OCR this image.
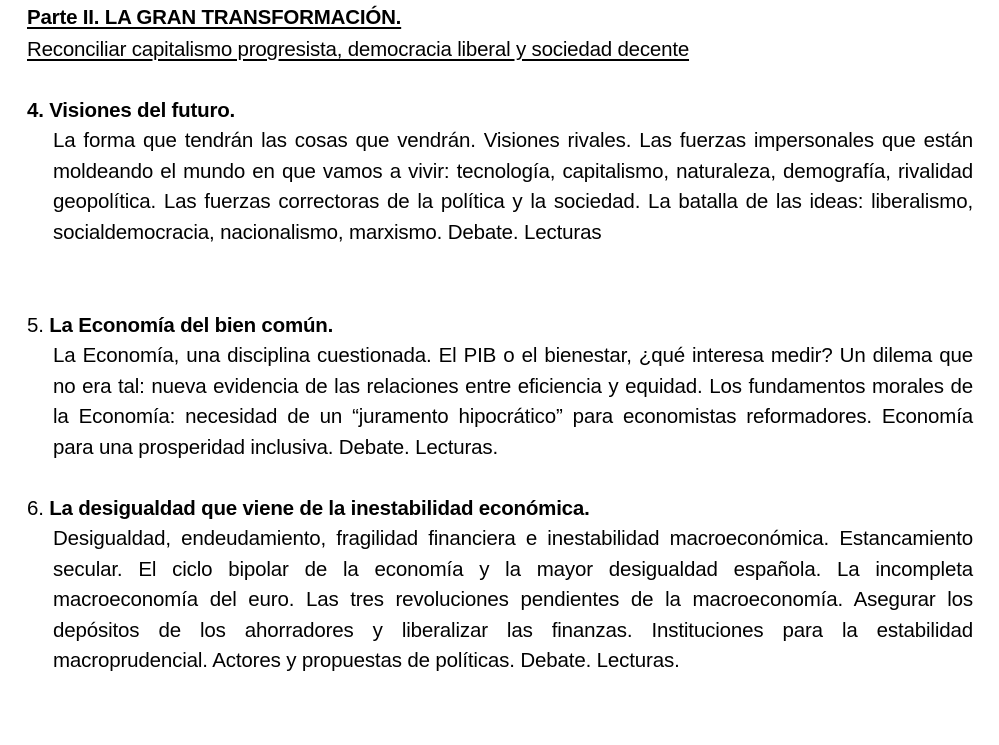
Parte II. LA GRAN TRANSFORMACIÓN.
Reconciliar capitalismo progresista, democracia liberal y sociedad decente
4. Visiones del futuro.
La forma que tendrán las cosas que vendrán. Visiones rivales. Las fuerzas impersonales que están moldeando el mundo en que vamos a vivir: tecnología, capitalismo, naturaleza, demografía, rivalidad geopolítica. Las fuerzas correctoras de la política y la sociedad. La batalla de las ideas: liberalismo, socialdemocracia, nacionalismo, marxismo. Debate. Lecturas
5. La Economía del bien común.
La Economía, una disciplina cuestionada. El PIB o el bienestar, ¿qué interesa medir? Un dilema que no era tal: nueva evidencia de las relaciones entre eficiencia y equidad. Los fundamentos morales de la Economía: necesidad de un “juramento hipocrático” para economistas reformadores. Economía para una prosperidad inclusiva. Debate. Lecturas.
6. La desigualdad que viene de la inestabilidad económica.
Desigualdad, endeudamiento, fragilidad financiera e inestabilidad macroeconómica. Estancamiento secular. El ciclo bipolar de la economía y la mayor desigualdad española. La incompleta macroeconomía del euro. Las tres revoluciones pendientes de la macroeconomía. Asegurar los depósitos de los ahorradores y liberalizar las finanzas. Instituciones para la estabilidad macroprudencial. Actores y propuestas de políticas. Debate. Lecturas.
